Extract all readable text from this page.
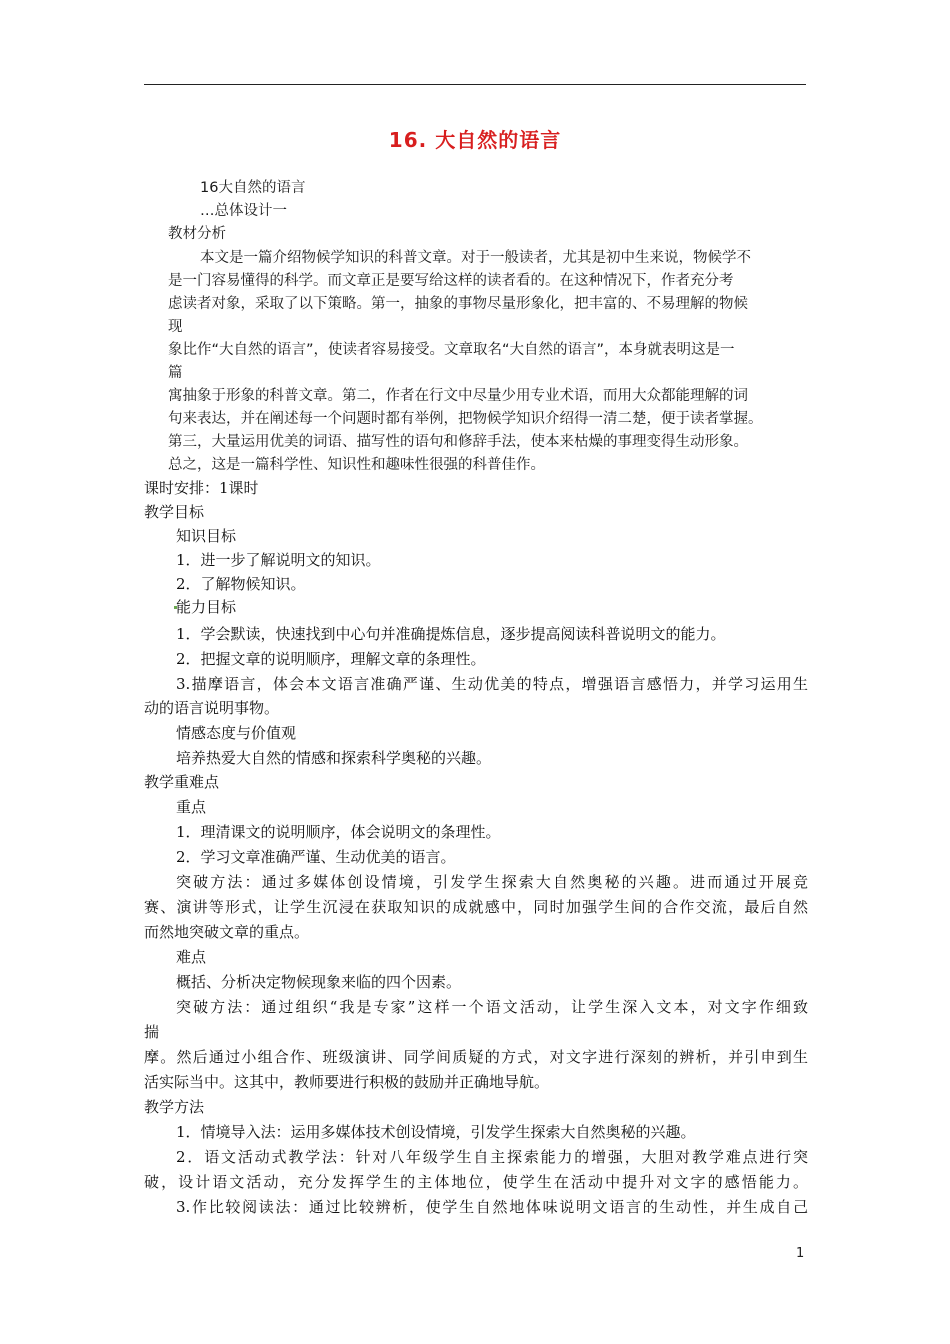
16. 大自然的语言
16大自然的语言
…总体设计一
教材分析
本文是一篇介绍物候学知识的科普文章。对于一般读者，尤其是初中生来说，物候学不
是一门容易懂得的科学。而文章正是要写给这样的读者看的。在这种情况下，作者充分考
虑读者对象，采取了以下策略。第一，抽象的事物尽量形象化，把丰富的、不易理解的物候
现
象比作“大自然的语言”，使读者容易接受。文章取名“大自然的语言”，本身就表明这是一
篇
寓抽象于形象的科普文章。第二，作者在行文中尽量少用专业术语，而用大众都能理解的词
句来表达，并在阐述每一个问题时都有举例，把物候学知识介绍得一清二楚，便于读者掌握。
第三，大量运用优美的词语、描写性的语句和修辞手法，使本来枯燥的事理变得生动形象。
总之，这是一篇科学性、知识性和趣味性很强的科普佳作。
课时安排：1课时
教学目标
知识目标
1．进一步了解说明文的知识。
2．了解物候知识。
能力目标
1．学会默读，快速找到中心句并准确提炼信息，逐步提高阅读科普说明文的能力。
2．把握文章的说明顺序，理解文章的条理性。
3.描摩语言，体会本文语言准确严谨、生动优美的特点，增强语言感悟力，并学习运用生
动的语言说明事物。
情感态度与价值观
培养热爱大自然的情感和探索科学奥秘的兴趣。
教学重难点
重点
1．理清课文的说明顺序，体会说明文的条理性。
2．学习文章准确严谨、生动优美的语言。
突破方法：通过多媒体创设情境，引发学生探索大自然奥秘的兴趣。进而通过开展竞
赛、演讲等形式，让学生沉浸在获取知识的成就感中，同时加强学生间的合作交流，最后自然
而然地突破文章的重点。
难点
概括、分析决定物候现象来临的四个因素。
突破方法：通过组织“我是专家”这样一个语文活动，让学生深入文本，对文字作细致
揣
摩。然后通过小组合作、班级演讲、同学间质疑的方式，对文字进行深刻的辨析，并引申到生
活实际当中。这其中，教师要进行积极的鼓励并正确地导航。
教学方法
1．情境导入法：运用多媒体技术创设情境，引发学生探索大自然奥秘的兴趣。
2．语文活动式教学法：针对八年级学生自主探索能力的增强，大胆对教学难点进行突
破，设计语文活动，充分发挥学生的主体地位，使学生在活动中提升对文字的感悟能力。
3.作比较阅读法：通过比较辨析，使学生自然地体味说明文语言的生动性，并生成自己
1
